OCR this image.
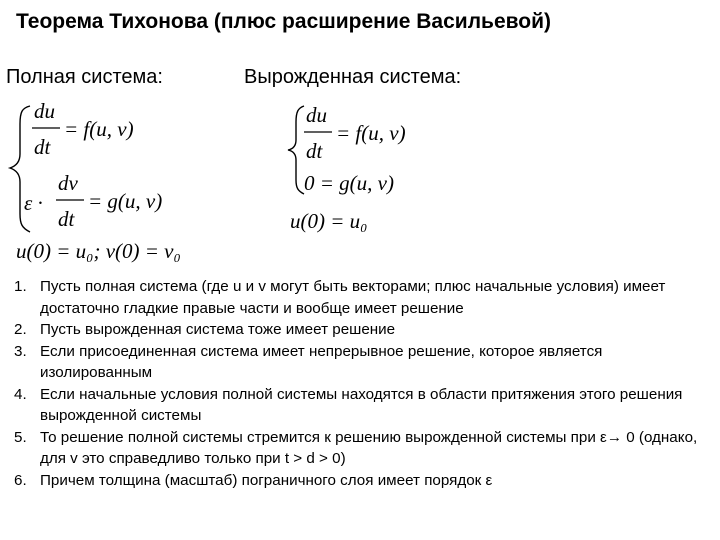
Теорема Тихонова (плюс расширение Васильевой)
Полная система:	Вырожденная система:
du
dt
= f(u, v)
ε ·
dv
dt
= g(u, v)
u(0) = u₀; v(0) = v₀
du
dt
= f(u, v)
0 = g(u, v)
u(0) = u₀
1. Пусть полная система (где u и v могут быть векторами; плюс начальные условия) имеет достаточно гладкие правые части и вообще имеет решение
2. Пусть вырожденная система тоже имеет решение
3. Если присоединенная система имеет непрерывное решение, которое является изолированным
4. Если начальные условия полной системы находятся в области притяжения этого решения вырожденной системы
5. То решение полной системы стремится к решению вырожденной системы при ε→ 0 (однако, для v это справедливо только при t > d > 0)
6. Причем толщина (масштаб) пограничного слоя имеет порядок ε
